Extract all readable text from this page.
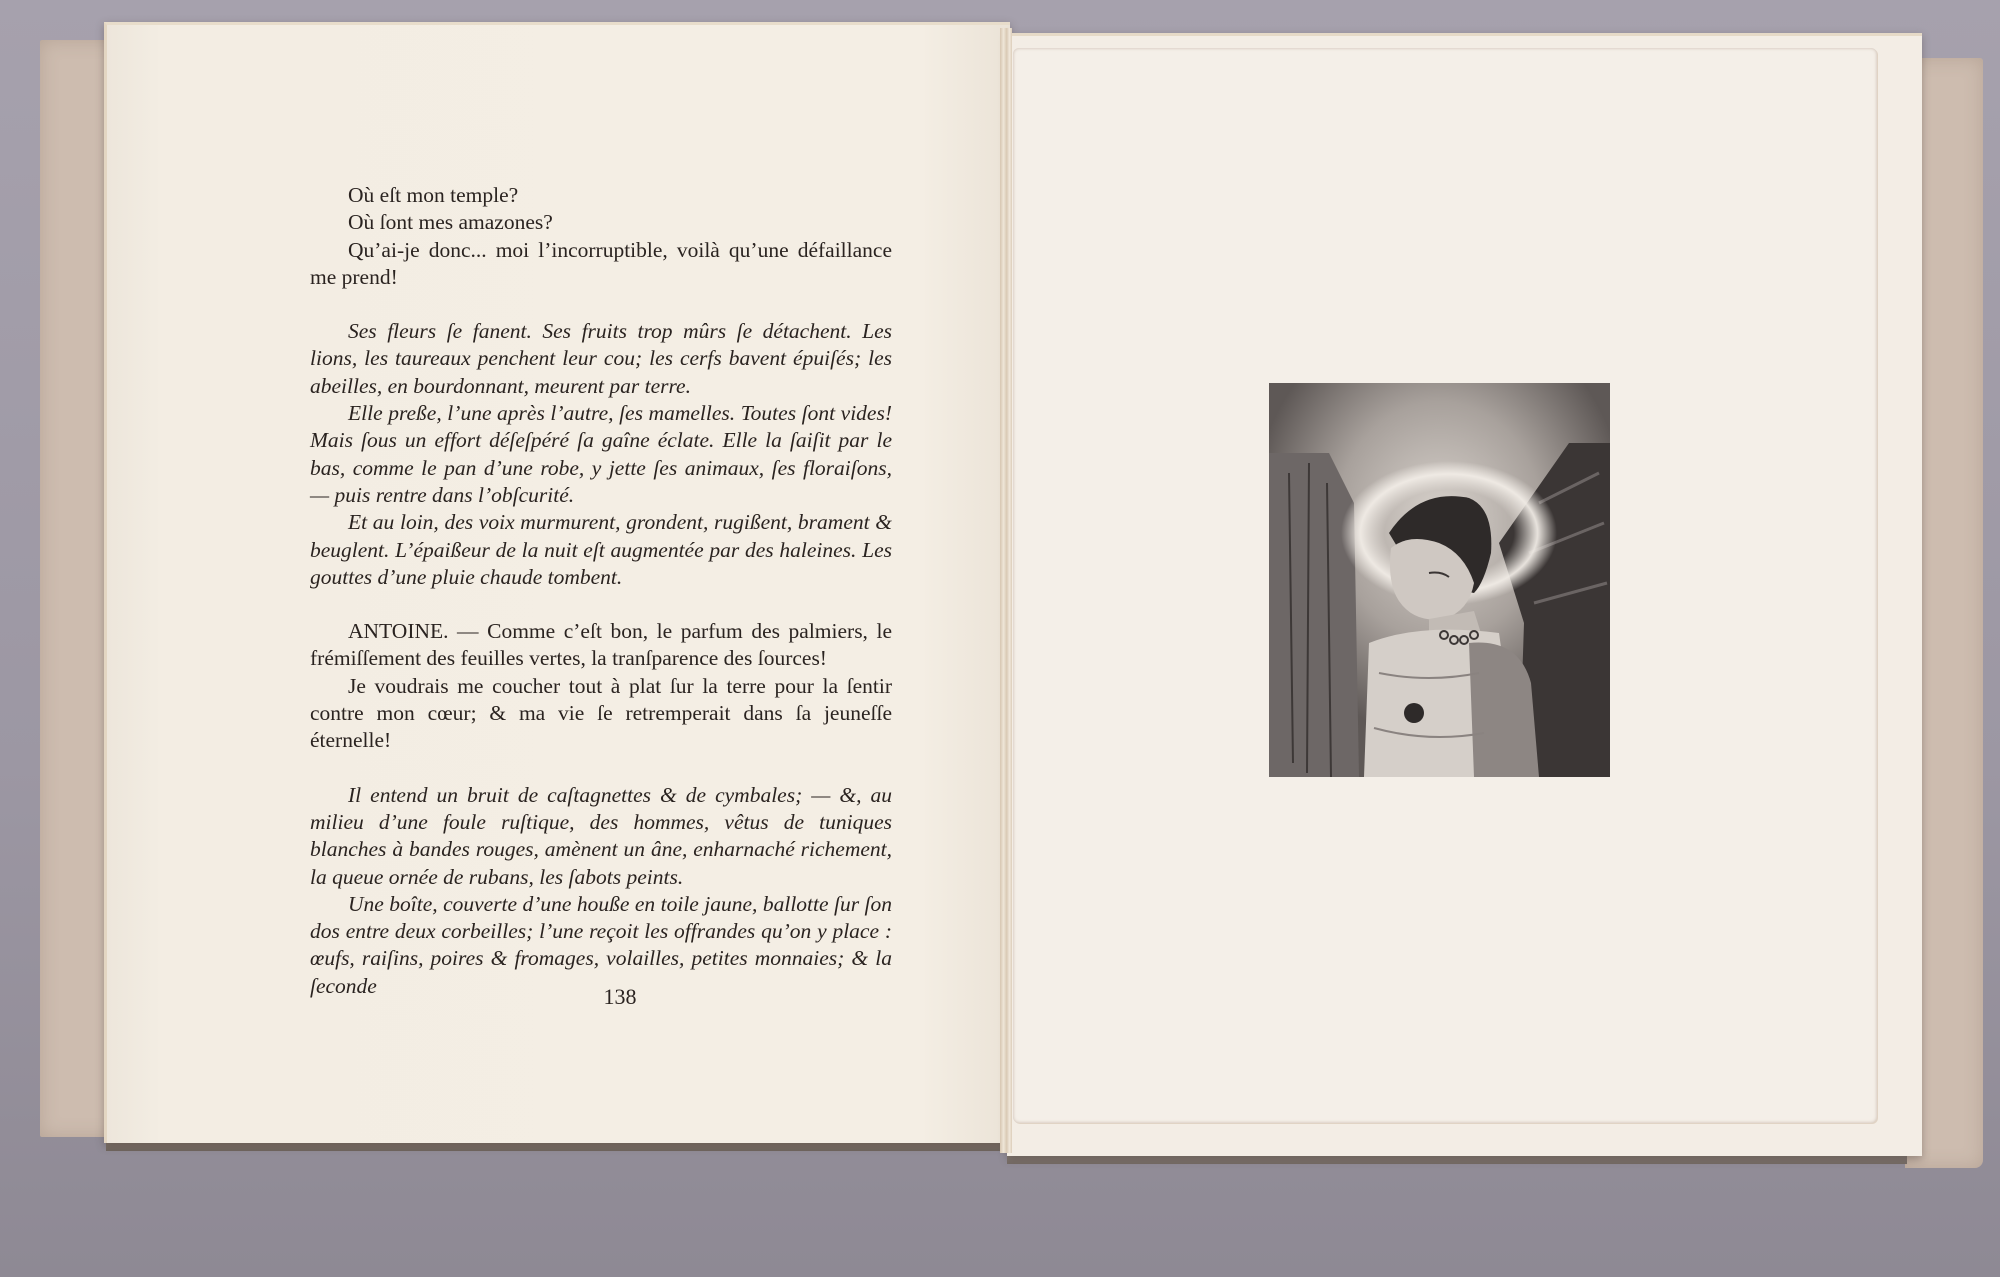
Où eſt mon temple?

Où ſont mes amazones?

Qu’ai-je donc... moi l’incorruptible, voilà qu’une défaillance me prend!

Ses fleurs ſe fanent. Ses fruits trop mûrs ſe détachent. Les lions, les taureaux penchent leur cou; les cerfs bavent épuiſés; les abeilles, en bourdonnant, meurent par terre.

Elle preße, l’une après l’autre, ſes mamelles. Toutes ſont vides! Mais ſous un effort déſeſpéré ſa gaîne éclate. Elle la ſaiſit par le bas, comme le pan d’une robe, y jette ſes animaux, ſes floraiſons, — puis rentre dans l’obſcurité.

Et au loin, des voix murmurent, grondent, rugißent, brament & beuglent. L’épaißeur de la nuit eſt augmentée par des haleines. Les gouttes d’une pluie chaude tombent.

ANTOINE. — Comme c’eſt bon, le parfum des palmiers, le frémiſſement des feuilles vertes, la tranſparence des ſources!

Je voudrais me coucher tout à plat ſur la terre pour la ſentir contre mon cœur; & ma vie ſe retremperait dans ſa jeuneſſe éternelle!

Il entend un bruit de caſtagnettes & de cymbales; — &, au milieu d’une foule ruſtique, des hommes, vêtus de tuniques blanches à bandes rouges, amènent un âne, enharnaché richement, la queue ornée de rubans, les ſabots peints.

Une boîte, couverte d’une houße en toile jaune, ballotte ſur ſon dos entre deux corbeilles; l’une reçoit les offrandes qu’on y place : œufs, raiſins, poires & fromages, volailles, petites monnaies; & la ſeconde	138
